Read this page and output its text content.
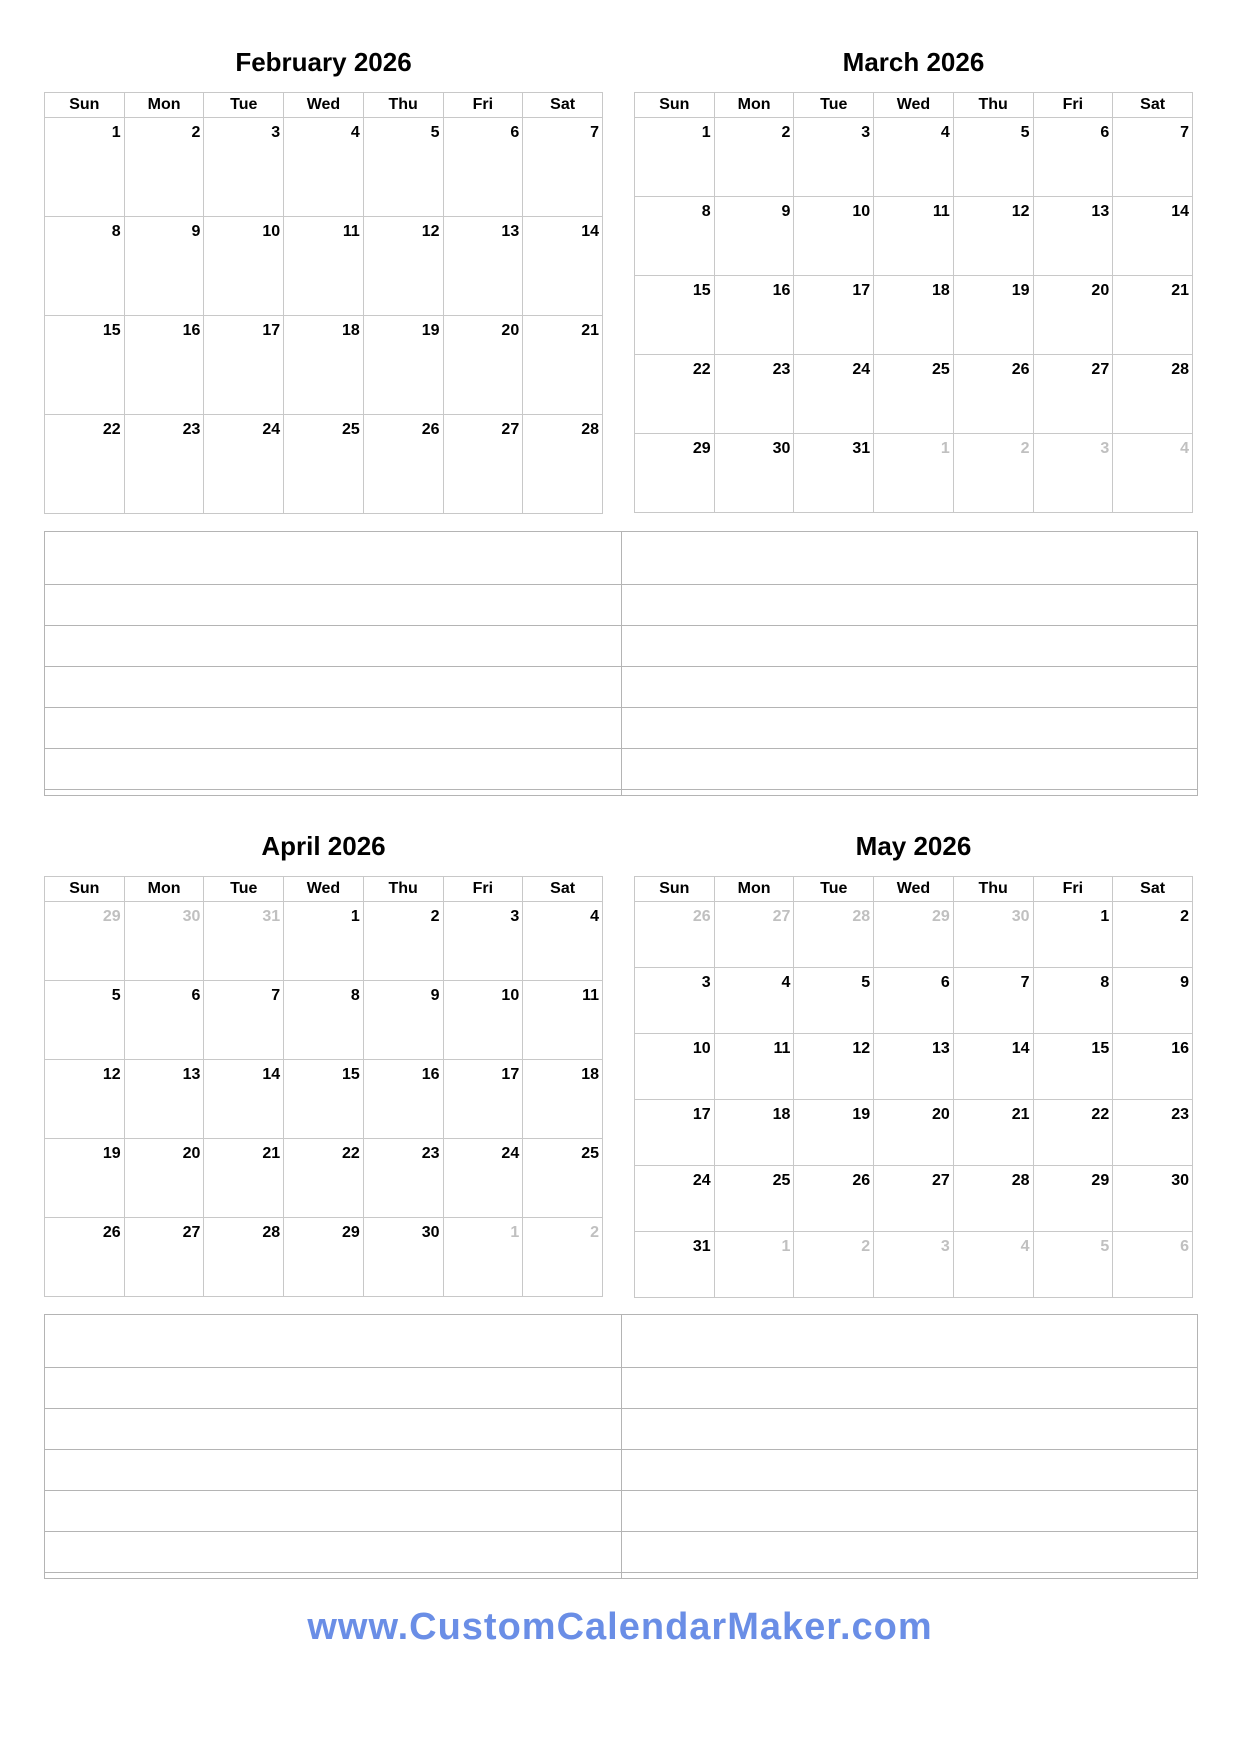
February 2026
Sun	Mon	Tue	Wed	Thu	Fri	Sat

1	2	3	4	5	6	7

8	9	10	11	12	13	14

15	16	17	18	19	20	21

22	23	24	25	26	27	28
March 2026
Sun	Mon	Tue	Wed	Thu	Fri	Sat

1	2	3	4	5	6	7

8	9	10	11	12	13	14

15	16	17	18	19	20	21

22	23	24	25	26	27	28

29	30	31	1	2	3	4

April 2026
Sun	Mon	Tue	Wed	Thu	Fri	Sat

29	30	31	1	2	3	4

5	6	7	8	9	10	11

12	13	14	15	16	17	18

19	20	21	22	23	24	25

26	27	28	29	30	1	2
May 2026
Sun	Mon	Tue	Wed	Thu	Fri	Sat

26	27	28	29	30	1	2

3	4	5	6	7	8	9

10	11	12	13	14	15	16

17	18	19	20	21	22	23

24	25	26	27	28	29	30

31	1	2	3	4	5	6

www.CustomCalendarMaker.com
